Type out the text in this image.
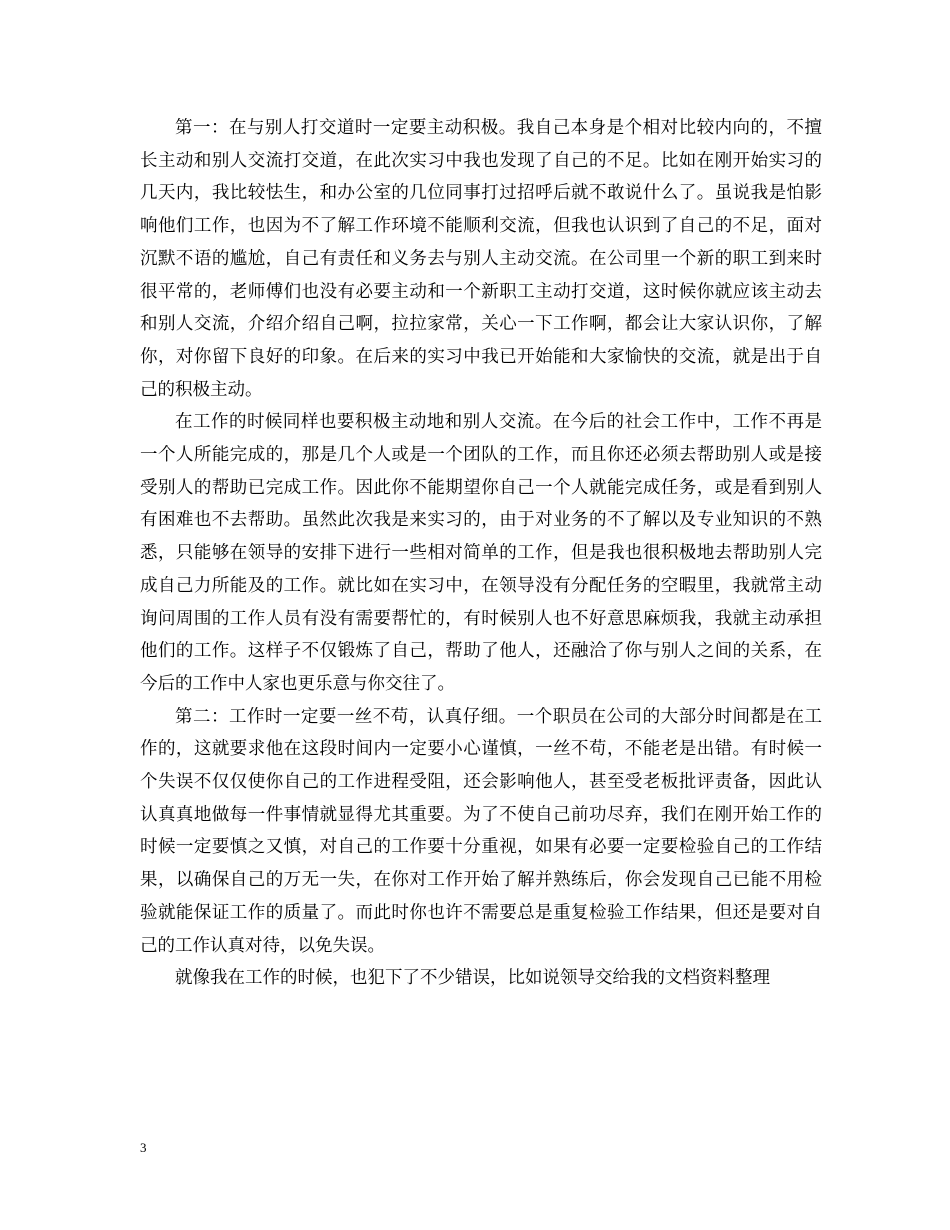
第一：在与别人打交道时一定要主动积极。我自己本身是个相对比较内向的，不擅长主动和别人交流打交道，在此次实习中我也发现了自己的不足。比如在刚开始实习的几天内，我比较怯生，和办公室的几位同事打过招呼后就不敢说什么了。虽说我是怕影响他们工作，也因为不了解工作环境不能顺利交流，但我也认识到了自己的不足，面对沉默不语的尴尬，自己有责任和义务去与别人主动交流。在公司里一个新的职工到来时很平常的，老师傅们也没有必要主动和一个新职工主动打交道，这时候你就应该主动去和别人交流，介绍介绍自己啊，拉拉家常，关心一下工作啊，都会让大家认识你，了解你，对你留下良好的印象。在后来的实习中我已开始能和大家愉快的交流，就是出于自己的积极主动。

在工作的时候同样也要积极主动地和别人交流。在今后的社会工作中，工作不再是一个人所能完成的，那是几个人或是一个团队的工作，而且你还必须去帮助别人或是接受别人的帮助已完成工作。因此你不能期望你自己一个人就能完成任务，或是看到别人有困难也不去帮助。虽然此次我是来实习的，由于对业务的不了解以及专业知识的不熟悉，只能够在领导的安排下进行一些相对简单的工作，但是我也很积极地去帮助别人完成自己力所能及的工作。就比如在实习中，在领导没有分配任务的空暇里，我就常主动询问周围的工作人员有没有需要帮忙的，有时候别人也不好意思麻烦我，我就主动承担他们的工作。这样子不仅锻炼了自己，帮助了他人，还融洽了你与别人之间的关系，在今后的工作中人家也更乐意与你交往了。

第二：工作时一定要一丝不苟，认真仔细。一个职员在公司的大部分时间都是在工作的，这就要求他在这段时间内一定要小心谨慎，一丝不苟，不能老是出错。有时候一个失误不仅仅使你自己的工作进程受阻，还会影响他人，甚至受老板批评责备，因此认认真真地做每一件事情就显得尤其重要。为了不使自己前功尽弃，我们在刚开始工作的时候一定要慎之又慎，对自己的工作要十分重视，如果有必要一定要检验自己的工作结果，以确保自己的万无一失，在你对工作开始了解并熟练后，你会发现自己已能不用检验就能保证工作的质量了。而此时你也许不需要总是重复检验工作结果，但还是要对自己的工作认真对待，以免失误。

就像我在工作的时候，也犯下了不少错误，比如说领导交给我的文档资料整理

3
